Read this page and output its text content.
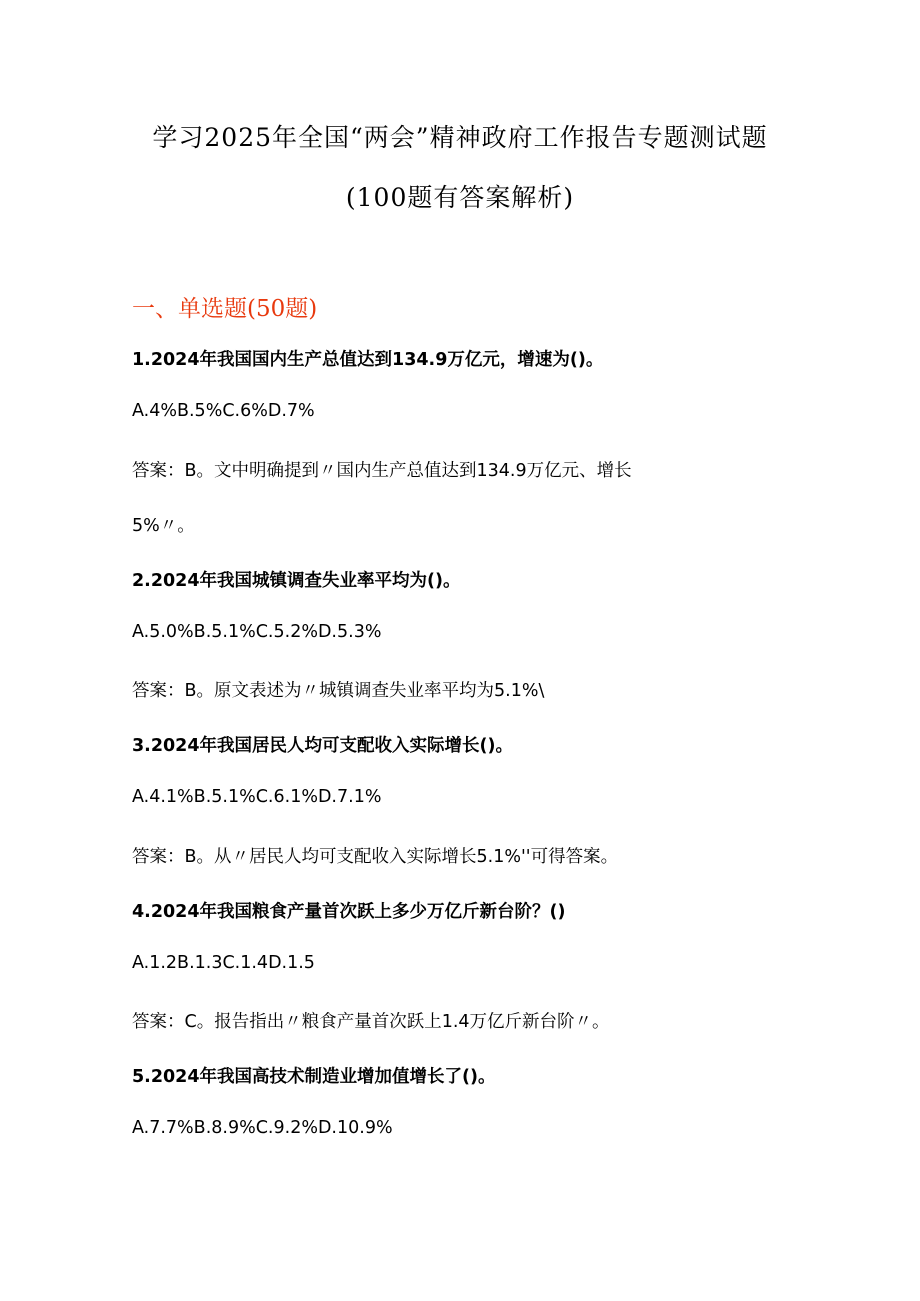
学习2025年全国“两会”精神政府工作报告专题测试题
(100题有答案解析)
一、单选题(50题)
1.2024年我国国内生产总值达到134.9万亿元，增速为()。
A.4%B.5%C.6%D.7%
答案：B。文中明确提到〃国内生产总值达到134.9万亿元、增长
5%〃。
2.2024年我国城镇调查失业率平均为()。
A.5.0%B.5.1%C.5.2%D.5.3%
答案：B。原文表述为〃城镇调查失业率平均为5.1%\
3.2024年我国居民人均可支配收入实际增长()。
A.4.1%B.5.1%C.6.1%D.7.1%
答案：B。从〃居民人均可支配收入实际增长5.1%''可得答案。
4.2024年我国粮食产量首次跃上多少万亿斤新台阶？()
A.1.2B.1.3C.1.4D.1.5
答案：C。报告指出〃粮食产量首次跃上1.4万亿斤新台阶〃。
5.2024年我国高技术制造业增加值增长了()。
A.7.7%B.8.9%C.9.2%D.10.9%
